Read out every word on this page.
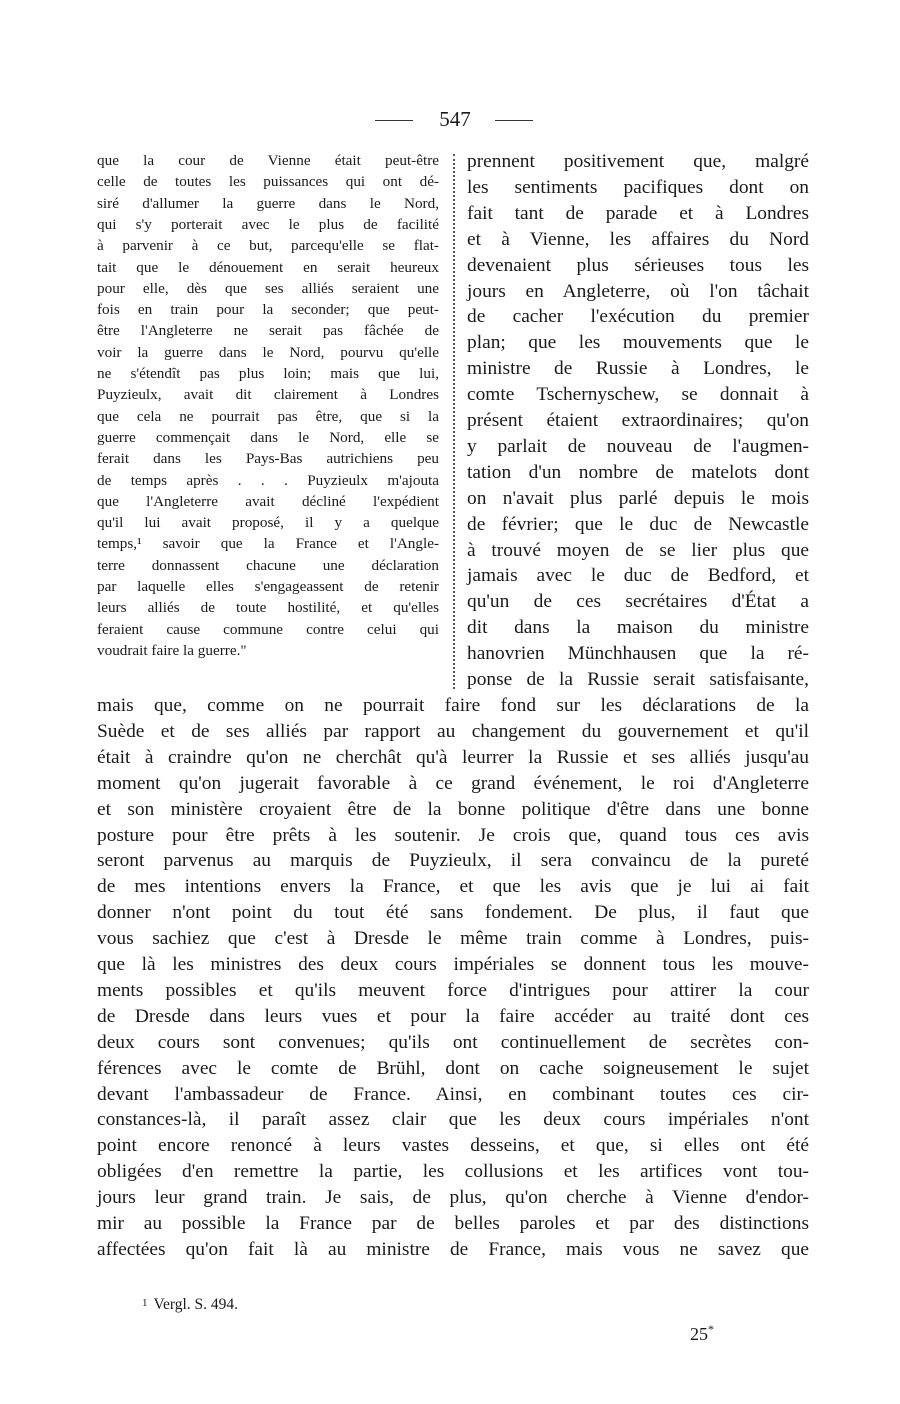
547
que la cour de Vienne était peut-être
celle de toutes les puissances qui ont dé-
siré d'allumer la guerre dans le Nord,
qui s'y porterait avec le plus de facilité
à parvenir à ce but, parcequ'elle se flat-
tait que le dénouement en serait heureux
pour elle, dès que ses alliés seraient une
fois en train pour la seconder; que peut-
être l'Angleterre ne serait pas fâchée de
voir la guerre dans le Nord, pourvu qu'elle
ne s'étendît pas plus loin; mais que lui,
Puyzieulx, avait dit clairement à Londres
que cela ne pourrait pas être, que si la
guerre commençait dans le Nord, elle se
ferait dans les Pays-Bas autrichiens peu
de temps après . . . Puyzieulx m'ajouta
que l'Angleterre avait décliné l'expédient
qu'il lui avait proposé, il y a quelque
temps,¹ savoir que la France et l'Angle-
terre donnassent chacune une déclaration
par laquelle elles s'engageassent de retenir
leurs alliés de toute hostilité, et qu'elles
feraient cause commune contre celui qui
voudrait faire la guerre."
prennent positivement que, malgré
les sentiments pacifiques dont on
fait tant de parade et à Londres
et à Vienne, les affaires du Nord
devenaient plus sérieuses tous les
jours en Angleterre, où l'on tâchait
de cacher l'exécution du premier
plan; que les mouvements que le
ministre de Russie à Londres, le
comte Tschernyschew, se donnait à
présent étaient extraordinaires; qu'on
y parlait de nouveau de l'augmen-
tation d'un nombre de matelots dont
on n'avait plus parlé depuis le mois
de février; que le duc de Newcastle
à trouvé moyen de se lier plus que
jamais avec le duc de Bedford, et
qu'un de ces secrétaires d'État a
dit dans la maison du ministre
hanovrien Münchhausen que la ré-
ponse de la Russie serait satisfaisante,
mais que, comme on ne pourrait faire fond sur les déclarations de la
Suède et de ses alliés par rapport au changement du gouvernement et qu'il
était à craindre qu'on ne cherchât qu'à leurrer la Russie et ses alliés jusqu'au
moment qu'on jugerait favorable à ce grand événement, le roi d'Angleterre
et son ministère croyaient être de la bonne politique d'être dans une bonne
posture pour être prêts à les soutenir. Je crois que, quand tous ces avis
seront parvenus au marquis de Puyzieulx, il sera convaincu de la pureté
de mes intentions envers la France, et que les avis que je lui ai fait
donner n'ont point du tout été sans fondement. De plus, il faut que
vous sachiez que c'est à Dresde le même train comme à Londres, puis-
que là les ministres des deux cours impériales se donnent tous les mouve-
ments possibles et qu'ils meuvent force d'intrigues pour attirer la cour
de Dresde dans leurs vues et pour la faire accéder au traité dont ces
deux cours sont convenues; qu'ils ont continuellement de secrètes con-
férences avec le comte de Brühl, dont on cache soigneusement le sujet
devant l'ambassadeur de France. Ainsi, en combinant toutes ces cir-
constances-là, il paraît assez clair que les deux cours impériales n'ont
point encore renoncé à leurs vastes desseins, et que, si elles ont été
obligées d'en remettre la partie, les collusions et les artifices vont tou-
jours leur grand train. Je sais, de plus, qu'on cherche à Vienne d'endor-
mir au possible la France par de belles paroles et par des distinctions
affectées qu'on fait là au ministre de France, mais vous ne savez que
1 Vergl. S. 494.
25*
